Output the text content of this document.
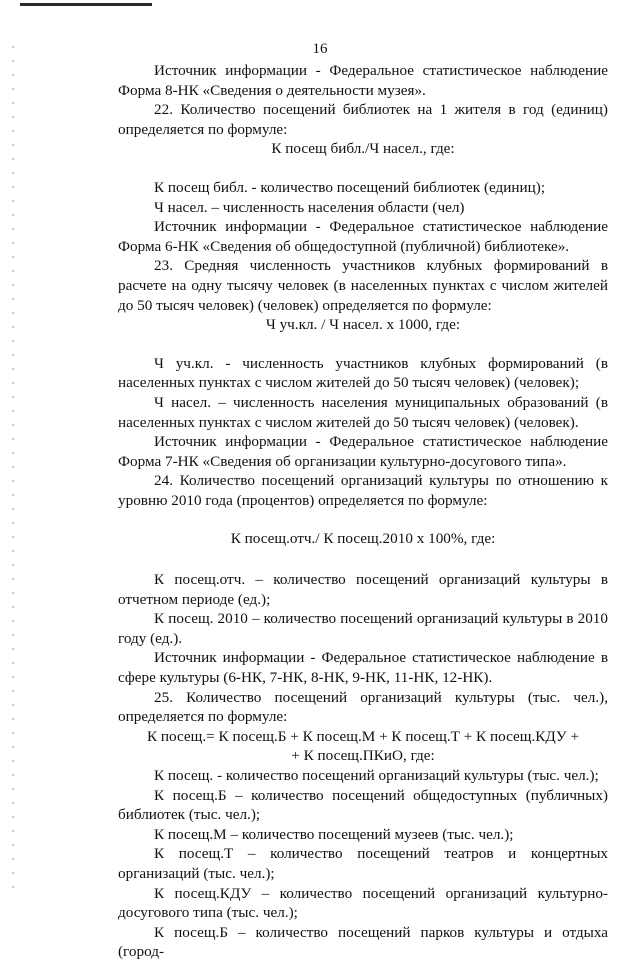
16

Источник информации - Федеральное статистическое наблюдение Форма 8-НК «Сведения о деятельности музея».

22. Количество посещений библиотек на 1 жителя в год (единиц) определяется по формуле:

К посещ библ./Ч насел., где:

К посещ библ. - количество посещений библиотек (единиц);

Ч насел. – численность населения области (чел)

Источник информации - Федеральное статистическое наблюдение Форма 6-НК «Сведения об общедоступной (публичной) библиотеке».

23. Средняя численность участников клубных формирований в расчете на одну тысячу человек (в населенных пунктах с числом жителей до 50 тысяч человек) (человек) определяется по формуле:

Ч уч.кл. / Ч насел. x 1000, где:

Ч уч.кл. - численность участников клубных формирований (в населенных пунктах с числом жителей до 50 тысяч человек) (человек);

Ч насел. – численность населения муниципальных образований (в населенных пунктах с числом жителей до 50 тысяч человек) (человек).

Источник информации - Федеральное статистическое наблюдение Форма 7-НК «Сведения об организации культурно-досугового типа».

24. Количество посещений организаций культуры по отношению к уровню 2010 года (процентов) определяется по формуле:

К посещ.отч./ К посещ.2010 x 100%, где:

К посещ.отч. – количество посещений организаций культуры в отчетном периоде (ед.);

К посещ. 2010 – количество посещений организаций культуры в 2010 году (ед.).

Источник информации - Федеральное статистическое наблюдение в сфере культуры (6-НК, 7-НК, 8-НК, 9-НК, 11-НК, 12-НК).

25. Количество посещений организаций культуры (тыс. чел.), определяется по формуле:

К посещ.= К посещ.Б + К посещ.М + К посещ.Т + К посещ.КДУ +

+ К посещ.ПКиО, где:

К посещ. - количество посещений организаций культуры (тыс. чел.);

К посещ.Б – количество посещений общедоступных (публичных) библиотек (тыс. чел.);

К посещ.М – количество посещений музеев (тыс. чел.);

К посещ.Т – количество посещений театров и концертных организаций (тыс. чел.);

К посещ.КДУ – количество посещений организаций культурно-досугового типа (тыс. чел.);

К посещ.Б – количество посещений парков культуры и отдыха (город-
